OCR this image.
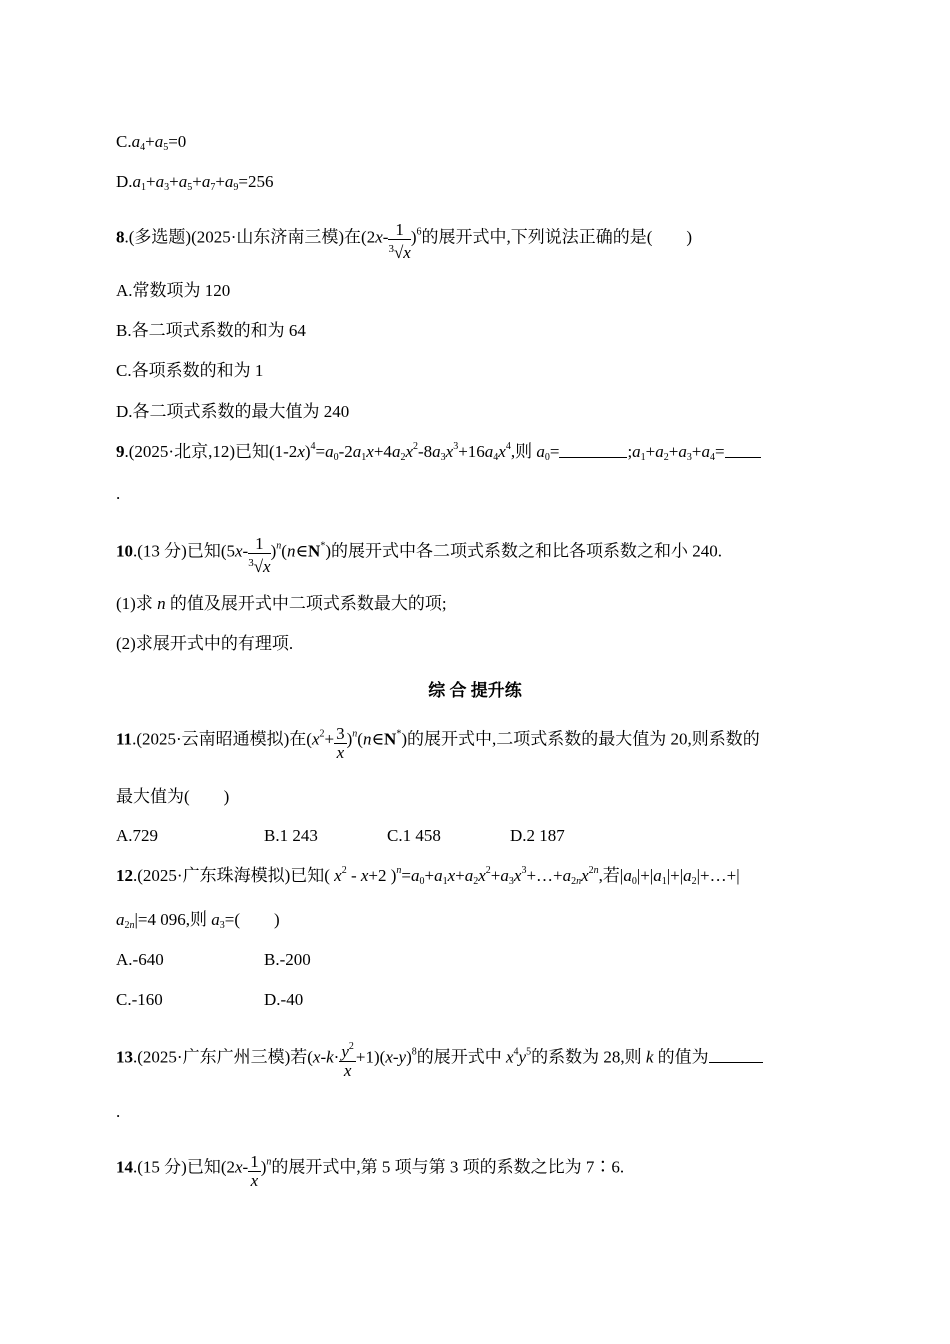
$C.a_4+a_5=0$
$D.a_1+a_3+a_5+a_7+a_9=256$
8.(多选题)(2025·山东济南三模)在$(2x- \frac{1}{^3√x} )^6$的展开式中,下列说法正确的是(　　)
A.常数项为 120
B.各二项式系数的和为 64
C.各项系数的和为 1
D.各二项式系数的最大值为 240
9.(2025·北京,12)已知$(1-2x)^4=a_0-2a_1x+4a_2x^2-8a_3x^3+16a_4x^4$,则 $a_0=$	$;a_1+a_2+a_3+a_4=$
.
10.(13 分)已知($5x- \frac{1}{^3√x}$ )$^n$(n∈N*)的展开式中各二项式系数之和比各项系数之和小 240.
(1)求 n 的值及展开式中二项式系数最大的项;
(2)求展开式中的有理项.
综 合 提升练
11.(2025·云南昭通模拟)在($x^2+ \frac{3}{x}$ )$^n(n\in N^*)$的展开式中,二项式系数的最大值为 20,则系数的
最大值为(　　)
A.729	B.1 243	C.1 458	D.2 187
12.(2025·广东珠海模拟)已知( $x^2 - x+2$ )$^n=a_0+a_1x+a_2x^2+a_3x^3+\dots+a_{2n}x^{2n}$,若$|a_0|+|a_1|+|a_2|+\dots+|$
$a_{2n}|=4$ 096,则 $a_3=$(　　)
A.-640	B.-200
C.-160	D.-40
13.(2025·广东广州三模)若$(x-k\cdot \frac{y^2}{x} +1)(x-y)^8$的展开式中 $x^4y^5$的系数为 28,则 k 的值为
.
14.(15 分)已知$(2x- \frac{1}{x} )^n$的展开式中,第 5 项与第 3 项的系数之比为 7∶6.
